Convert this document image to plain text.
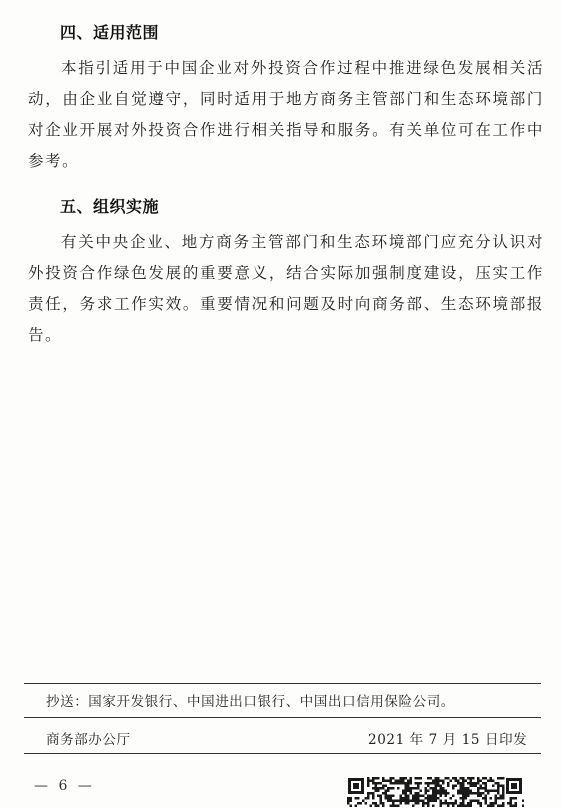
四、适用范围
本指引适用于中国企业对外投资合作过程中推进绿色发展相关活动，由企业自觉遵守，同时适用于地方商务主管部门和生态环境部门对企业开展对外投资合作进行相关指导和服务。有关单位可在工作中参考。
五、组织实施
有关中央企业、地方商务主管部门和生态环境部门应充分认识对外投资合作绿色发展的重要意义，结合实际加强制度建设，压实工作责任，务求工作实效。重要情况和问题及时向商务部、生态环境部报告。
抄送：国家开发银行、中国进出口银行、中国出口信用保险公司。
商务部办公厅	2021 年 7 月 15 日印发
— 6 —
